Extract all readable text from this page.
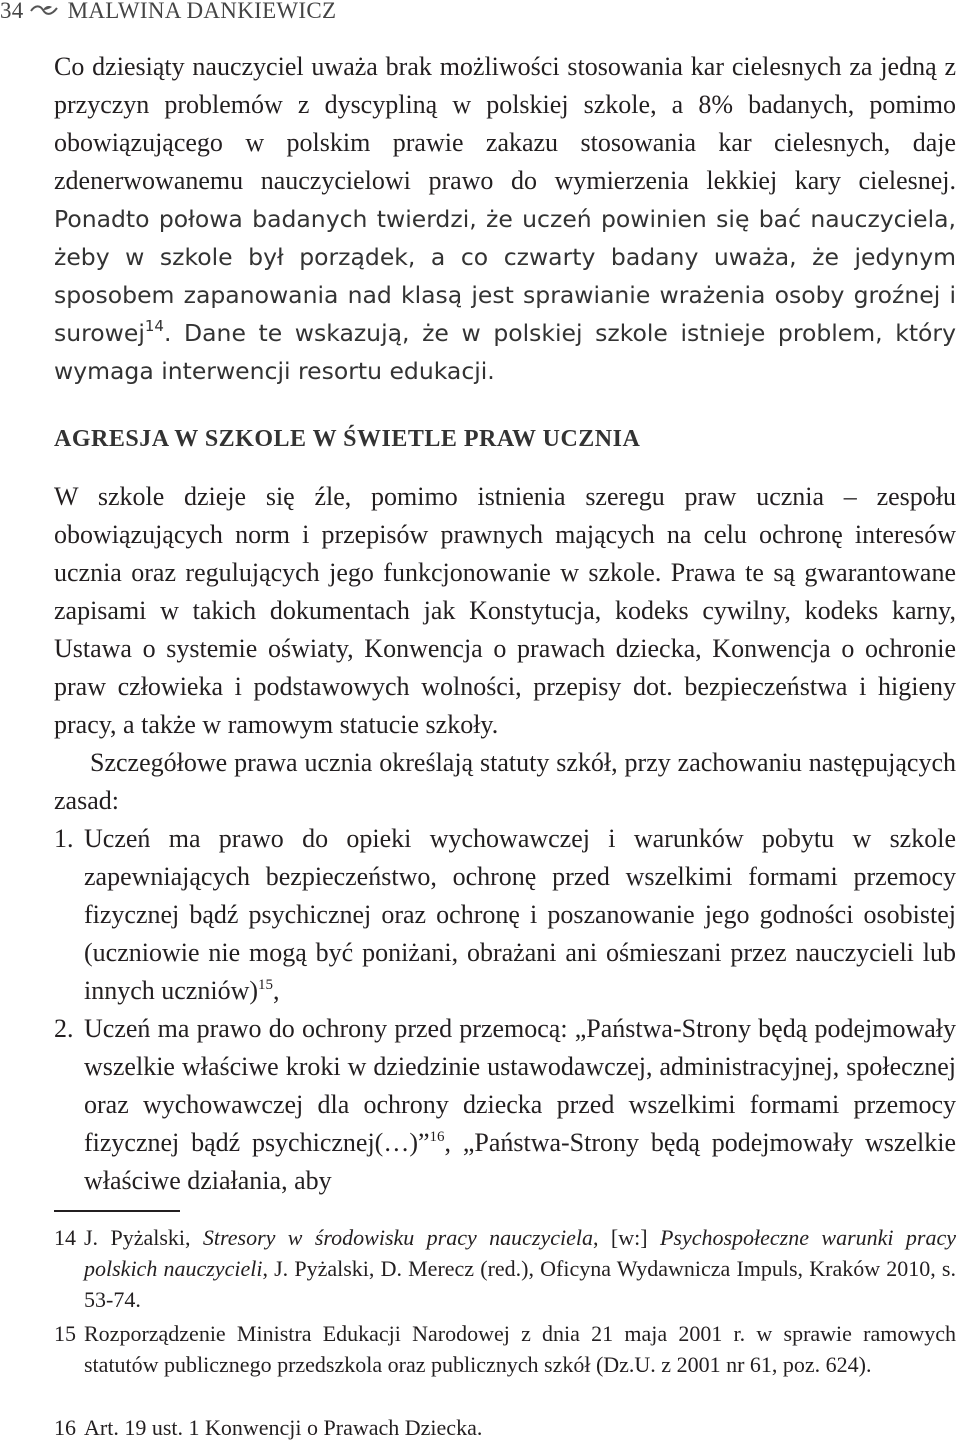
34 MALWINA DANKIEWICZ

Co dziesiąty nauczyciel uważa brak możliwości stosowania kar cielesnych za jedną z przyczyn problemów z dyscypliną w polskiej szkole, a 8% badanych, pomimo obowiązującego w polskim prawie zakazu stosowania kar cielesnych, daje zdenerwowanemu nauczycielowi prawo do wymierzenia lekkiej kary cielesnej. Ponadto połowa badanych twierdzi, że uczeń powinien się bać nauczyciela, żeby w szkole był porządek, a co czwarty badany uważa, że jedynym sposobem zapanowania nad klasą jest sprawianie wrażenia osoby groźnej i surowej$^{14}$. Dane te wskazują, że w polskiej szkole istnieje problem, który wymaga interwencji resortu edukacji.

AGRESJA W SZKOLE W ŚWIETLE PRAW UCZNIA

W szkole dzieje się źle, pomimo istnienia szeregu praw ucznia – zespołu obowiązujących norm i przepisów prawnych mających na celu ochronę interesów ucznia oraz regulujących jego funkcjonowanie w szkole. Prawa te są gwarantowane zapisami w takich dokumentach jak Konstytucja, kodeks cywilny, kodeks karny, Ustawa o systemie oświaty, Konwencja o prawach dziecka, Konwencja o ochronie praw człowieka i podstawowych wolności, przepisy dot. bezpieczeństwa i higieny pracy, a także w ramowym statucie szkoły.

Szczegółowe prawa ucznia określają statuty szkół, przy zachowaniu następujących zasad:

1. Uczeń ma prawo do opieki wychowawczej i warunków pobytu w szkole zapewniających bezpieczeństwo, ochronę przed wszelkimi formami przemocy fizycznej bądź psychicznej oraz ochronę i poszanowanie jego godności osobistej (uczniowie nie mogą być poniżani, obrażani ani ośmieszani przez nauczycieli lub innych uczniów)$^{15}$,

2. Uczeń ma prawo do ochrony przed przemocą: „Państwa-Strony będą podejmowały wszelkie właściwe kroki w dziedzinie ustawodawczej, administracyjnej, społecznej oraz wychowawczej dla ochrony dziecka przed wszelkimi formami przemocy fizycznej bądź psychicznej(…)”$^{16}$, „Państwa-Strony będą podejmowały wszelkie właściwe działania, aby

14 J. Pyżalski, Stresory w środowisku pracy nauczyciela, [w:] Psychospołeczne warunki pracy polskich nauczycieli, J. Pyżalski, D. Merecz (red.), Oficyna Wydawnicza Impuls, Kraków 2010, s. 53-74.

15 Rozporządzenie Ministra Edukacji Narodowej z dnia 21 maja 2001 r. w sprawie ramowych statutów publicznego przedszkola oraz publicznych szkół (Dz.U. z 2001 nr 61, poz. 624).

16 Art. 19 ust. 1 Konwencji o Prawach Dziecka.
